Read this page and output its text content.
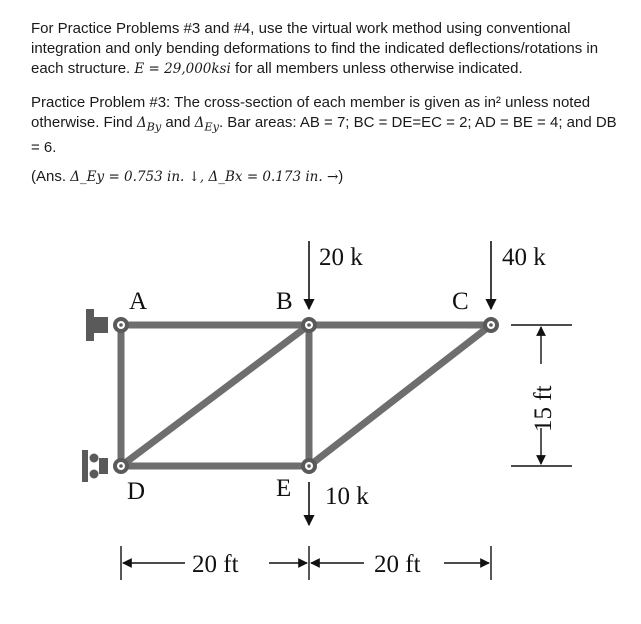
For Practice Problems #3 and #4, use the virtual work method using conventional integration and only bending deformations to find the indicated deflections/rotations in each structure. E = 29,000ksi for all members unless otherwise indicated.
Practice Problem #3: The cross-section of each member is given as in² unless noted otherwise. Find $\Delta_{By}$ and $\Delta_{Ey}$. Bar areas: AB = 7; BC = DE=EC = 2; AD = BE = 4; and DB = 6.
(Ans. Δ_Ey = 0.753 in. ↓, Δ_Bx = 0.173 in. →)
A	B	C
D	E
20 k	40 k
10 k
20 ft	20 ft
15 ft
